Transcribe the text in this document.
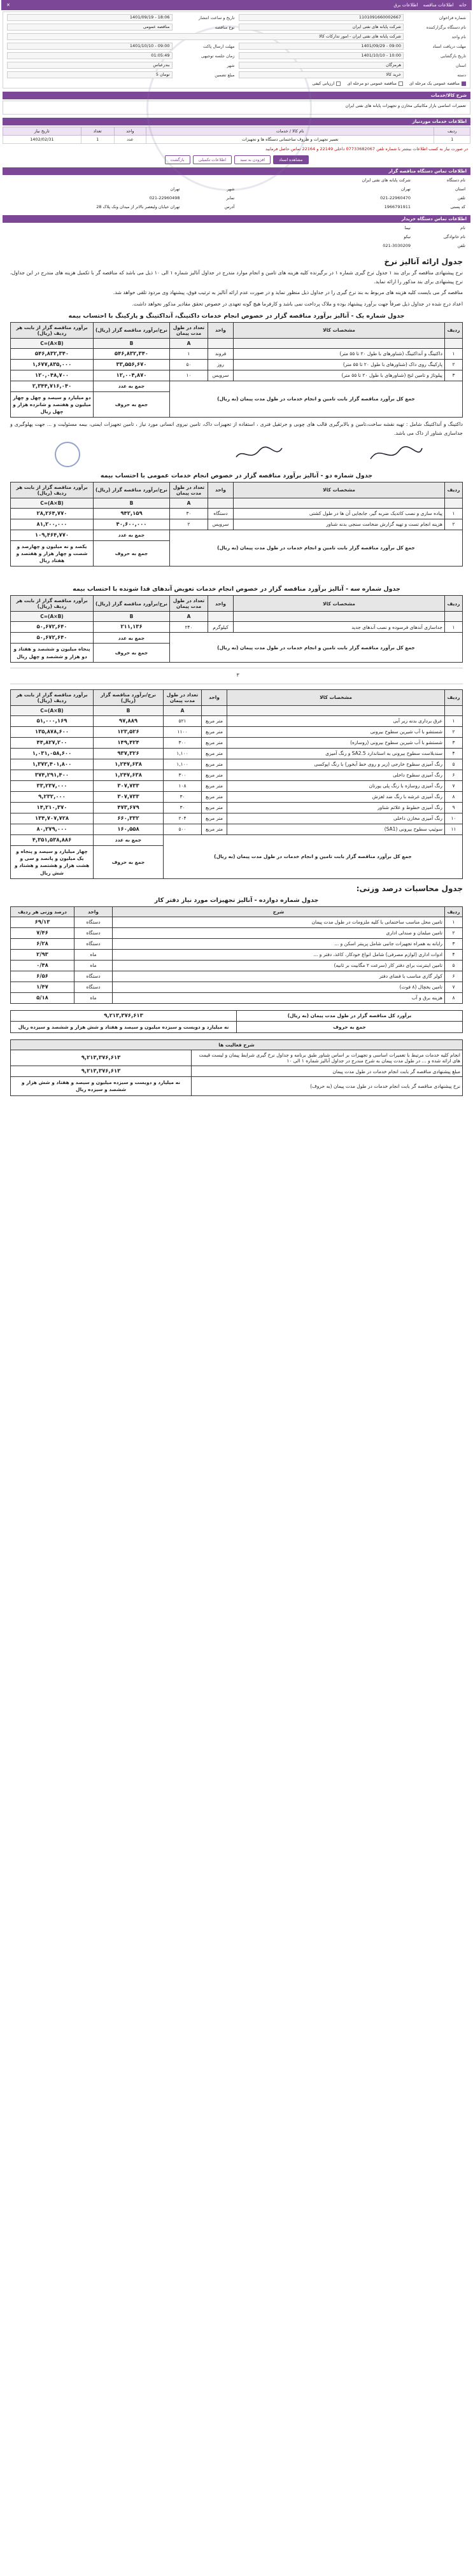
خانه اطلاعات مناقصه اطلاعات برق
✕
شماره فراخوان
1101091660002667
تاریخ و ساعت انتشار
1401/09/19 - 18:06
نام دستگاه برگزارکننده
شرکت پایانه های نفتی ایران
نوع مناقصه
مناقصه عمومی
نام واحد
شرکت پایانه های نفتی ایران - امور تدارکات کالا
مهلت دریافت اسناد
1401/09/29 - 09:00
مهلت ارسال پاکت
1401/10/10 - 09:00
تاریخ بازگشایی
1401/10/10 - 10:00
زمان جلسه توجیهی
01:05:49
استان
هرمزگان
شهر
بندرعباس
دسته
خرید کالا
مبلغ تضمین
تومان 5
مناقصه عمومی یک مرحله ای
مناقصه عمومی دو مرحله ای
ارزیابی کیفی
شرح کالا/خدمات
تعمیرات اساسی بازار مکانیکی مخازن و تجهیزات پایانه های نفتی ایران
اطلاعات خدمات موردنیاز
ردیف	نام کالا / خدمات	واحد	تعداد	تاریخ نیاز
1	تعمیر تجهیزات و ظروف ساختمانی دستگاه ها و تجهیزات	عدد	1	1402/02/31
در صورت نیاز به کسب اطلاعات بیشتر با شماره تلفن 07733682067 داخلی 22149 و 22164 تماس حاصل فرمایید
مشاهده اسناد
افزودن به سبد
اطلاعات تکمیلی
بازگشت
اطلاعات تماس دستگاه مناقصه گزار
نام دستگاه
شرکت پایانه های نفتی ایران
استان
تهران
شهر
تهران
تلفن
021-22960470
نمابر
021-22960498
کد پستی
1966791911
آدرس
تهران خیابان ولیعصر بالاتر از میدان ونک پلاک 28
اطلاعات تماس دستگاه خریدار
نام
نیما
نام خانوادگی
نیکو
تلفن
021-3030209
جدول ارائه آنالیز نرخ

نرخ پیشنهادی مناقصه گر برای بند ۱ جدول نرخ گیری شماره ۱ در برگیرنده کلیه هزینه های تامین و انجام موارد مندرج در جداول آنالیز شماره ۱ الی ۱۰ ذیل می باشد که مناقصه گر با تکمیل هزینه های مندرج در این جداول، نرخ پیشنهادی برای بند مذکور را ارائه نماید.

مناقصه گر می بایست کلیه هزینه های مربوط به بند نرخ گیری را در جداول ذیل منظور نماید و در صورت عدم ارائه آنالیز به ترتیب فوق، پیشنهاد وی مردود تلقی خواهد شد.

اعداد درج شده در جداول ذیل صرفاً جهت برآورد پیشنهاد بوده و ملاک پرداخت نمی باشد و کارفرما هیچ گونه تعهدی در خصوص تحقق مقادیر مذکور نخواهد داشت.

جدول شماره یک - آنالیز برآورد مناقصه گزار در خصوص انجام خدمات داکتینگ، آنداکتینگ و پارکینگ با احتساب بیمه
ردیف	مشخصات کالا	واحد	تعداد در طول مدت پیمان	نرخ/برآورد مناقصه گزار (ریال)	برآورد مناقصه گزار از بابت هر ردیف (ریال)
			A	B	C=(A×B)
۱	داکتینگ و آنداکتینگ (شناورهای با طول ۲۰ تا ۵۵ متر)	فروند	۱	۵۴۶,۸۳۲,۳۴۰	۵۴۶,۸۳۲,۳۴۰
۲	پارکینگ روی داک (شناورهای با طول ۲۰ تا ۵۵ متر)	روز	۵۰	۳۳,۵۵۶,۶۷۰	۱,۶۷۷,۸۳۵,۰۰۰
۳	پیلوتاژ و تامین لنج (شناورهای با طول ۲۰ تا ۵۵ متر)	سرویس	۱۰	۱۲,۰۰۴,۸۷۰	۱۲۰,۰۴۸,۷۰۰
جمع کل برآورد مناقصه گزار بابت تامین و انجام خدمات در طول مدت پیمان (به ریال)				جمع به عدد	۲,۳۴۴,۷۱۶,۰۴۰
				جمع به حروف	دو میلیارد و سیصد و چهل و چهار میلیون و هفتصد و شانزده هزار و چهل ریال

داکتینگ و آنداکتینگ شامل : تهیه نقشه ساخت،تامین و بالابرگیری قالب های چوبی و جرثقیل فنری ، استفاده از تجهیزات داک، تامین نیروی انسانی مورد نیاز ، تامین تجهیزات ایمنی، بیمه مسئولیت و ... جهت پهلوگیری و جداسازی شناور از داک می باشد.

جدول شماره دو - آنالیز برآورد مناقصه گزار در خصوص انجام خدمات عمومی با احتساب بیمه
ردیف	مشخصات کالا	واحد	تعداد در طول مدت پیمان	نرخ/برآورد مناقصه گزار (ریال)	برآورد مناقصه گزار از بابت هر ردیف (ریال)
			A	B	C=(A×B)
۱	پیاده سازی و نصب کاتدیک ضربه گیر، جابجایی آن ها در طول کشتی	دستگاه	۳۰	۹۴۲,۱۵۹	۲۸,۲۶۴,۷۷۰
۲	هزینه انجام تست و تهیه گزارش ضخامت سنجی بدنه شناور	سرویس	۲	۴۰,۶۰۰,۰۰۰	۸۱,۲۰۰,۰۰۰
جمع کل برآورد مناقصه گزار بابت تامین و انجام خدمات در طول مدت پیمان (به ریال)				جمع به عدد	۱۰۹,۴۶۴,۷۷۰
				جمع به حروف	یکصد و نه میلیون و چهارصد و شصت و چهار هزار و هفتصد و هفتاد ریال
جدول شماره سه - آنالیز برآورد مناقصه گزار در خصوص انجام خدمات تعویض آندهای فدا شونده با احتساب بیمه
ردیف	مشخصات کالا	واحد	تعداد در طول مدت پیمان	نرخ/برآورد مناقصه گزار (ریال)	برآورد مناقصه گزار از بابت هر ردیف (ریال)
			A	B	C=(A×B)
۱	جداسازی آندهای فرسوده و نصب آندهای جدید	کیلوگرم	۲۴۰	۲۱۱,۱۳۶	۵۰,۶۷۲,۶۴۰
جمع کل برآورد مناقصه گزار بابت تامین و انجام خدمات در طول مدت پیمان (به ریال)				جمع به عدد	۵۰,۶۷۲,۶۴۰
				جمع به حروف	پنجاه میلیون و ششصد و هفتاد و دو هزار و ششصد و چهل ریال
۳
ردیف	مشخصات کالا	واحد	تعداد در طول مدت پیمان	نرخ/برآورد مناقصه گزار (ریال)	برآورد مناقصه گزار از بابت هر ردیف (ریال)
			A	B	C=(A×B)
۱	عرق برداری بدنه زیر آبی	متر مربع	۵۲۱	۹۷,۸۸۹	۵۱,۰۰۰,۱۶۹
۲	شستشو با آب شیرین سطوح بیرونی	متر مربع	۱۱۰۰	۱۲۳,۵۲۶	۱۳۵,۸۷۸,۶۰۰
۳	شستشو با آب شیرین سطوح بیرونی (روسازه)	متر مربع	۳۰۰	۱۴۹,۴۲۴	۴۴,۸۲۷,۲۰۰
۴	سندبلاست سطوح بیرونی به استاندارد SA2.5 و رنگ آمیزی	متر مربع	۱,۱۰۰	۹۳۷,۳۲۶	۱,۰۳۱,۰۵۸,۶۰۰
۵	رنگ آمیزی سطوح خارجی (زیر و روی خط آبخور) با رنگ اپوکسی	متر مربع	۱,۱۰۰	۱,۲۴۷,۶۳۸	۱,۳۷۲,۴۰۱,۸۰۰
۶	رنگ آمیزی سطوح داخلی	متر مربع	۳۰۰	۱,۲۴۷,۶۳۸	۳۷۴,۲۹۱,۴۰۰
۷	رنگ آمیزی روسازه با رنگ پلی یورتان	متر مربع	۱۰۸	۳۰۷,۷۳۳	۳۳,۲۳۷,۰۰۰
۸	رنگ آمیزی عرشه با رنگ ضد لغزش	متر مربع	۳۰	۳۰۷,۷۳۳	۹,۲۳۲,۰۰۰
۹	رنگ آمیزی خطوط و علائم شناور	متر مربع	۳۰	۴۷۳,۶۷۹	۱۴,۲۱۰,۳۷۰
۱۰	رنگ آمیزی مخازن داخلی	متر مربع	۲۰۴	۶۶۰,۳۳۲	۱۳۴,۷۰۷,۷۲۸
۱۱	سوئیپ سطوح بیرونی (SA1)	متر مربع	۵۰۰	۱۶۰,۵۵۸	۸۰,۲۷۹,۰۰۰
جمع کل برآورد مناقصه گزار بابت تامین و انجام خدمات در طول مدت پیمان (به ریال)				جمع به عدد	۴,۳۵۱,۵۳۸,۸۸۶
				جمع به حروف	چهار میلیارد و سیصد و پنجاه و یک میلیون و پانصد و سی و هشت هزار و هشتصد و هشتاد و شش ریال
جدول محاسبات درصد وزنی:
جدول شماره دوازده - آنالیز تجهیزات مورد نیاز دفتر کار
ردیف	شرح	واحد	درصد وزنی هر ردیف
۱	تامین محل مناسب ساختمانی با کلیه ملزومات در طول مدت پیمان	دستگاه	۶۹/۱۳
۲	تامین مبلمان و صندلی اداری	دستگاه	۷/۴۶
۳	رایانه به همراه تجهیزات جانبی شامل پرینتر اسکن و ...	دستگاه	۶/۲۸
۴	ادوات اداری (لوازم مصرفی) شامل انواع خودکار، کاغذ، دفتر و ...	ماه	۲/۹۳
۵	تامین اینترنت برای دفتر کار (سرعت ۲ مگابیت بر ثانیه)	ماه	۰/۴۸
۶	کولر گازی مناسب با فضای دفتر	دستگاه	۶/۵۶
۷	تامین یخچال (۸ فوت)	دستگاه	۱/۴۷
۸	هزینه برق و آب	ماه	۵/۱۸
برآورد کل مناقصه گزار در طول مدت پیمان (به ریال)	۹,۲۱۳,۳۷۶,۶۱۳
جمع به حروف	نه میلیارد و دویست و سیزده میلیون و سیصد و هفتاد و شش هزار و ششصد و سیزده ریال
شرح فعالیت ها	
انجام کلیه خدمات مرتبط با تعمیرات اساسی و تجهیزات بر اساس شناور طبق برنامه و جداول نرخ گیری شرایط پیمان و لیست قیمت های ارائه شده و ... در طول مدت پیمان به شرح مندرج در جداول آنالیز شماره ۱ الی ۱۰	۹,۲۱۳,۳۷۶,۶۱۳
مبلغ پیشنهادی مناقصه گر بابت انجام خدمات در طول مدت پیمان	۹,۲۱۳,۳۷۶,۶۱۳
نرخ پیشنهادی مناقصه گر بابت انجام خدمات در طول مدت پیمان (به حروف)	نه میلیارد و دویست و سیزده میلیون و سیصد و هفتاد و شش هزار و ششصد و سیزده ریال
